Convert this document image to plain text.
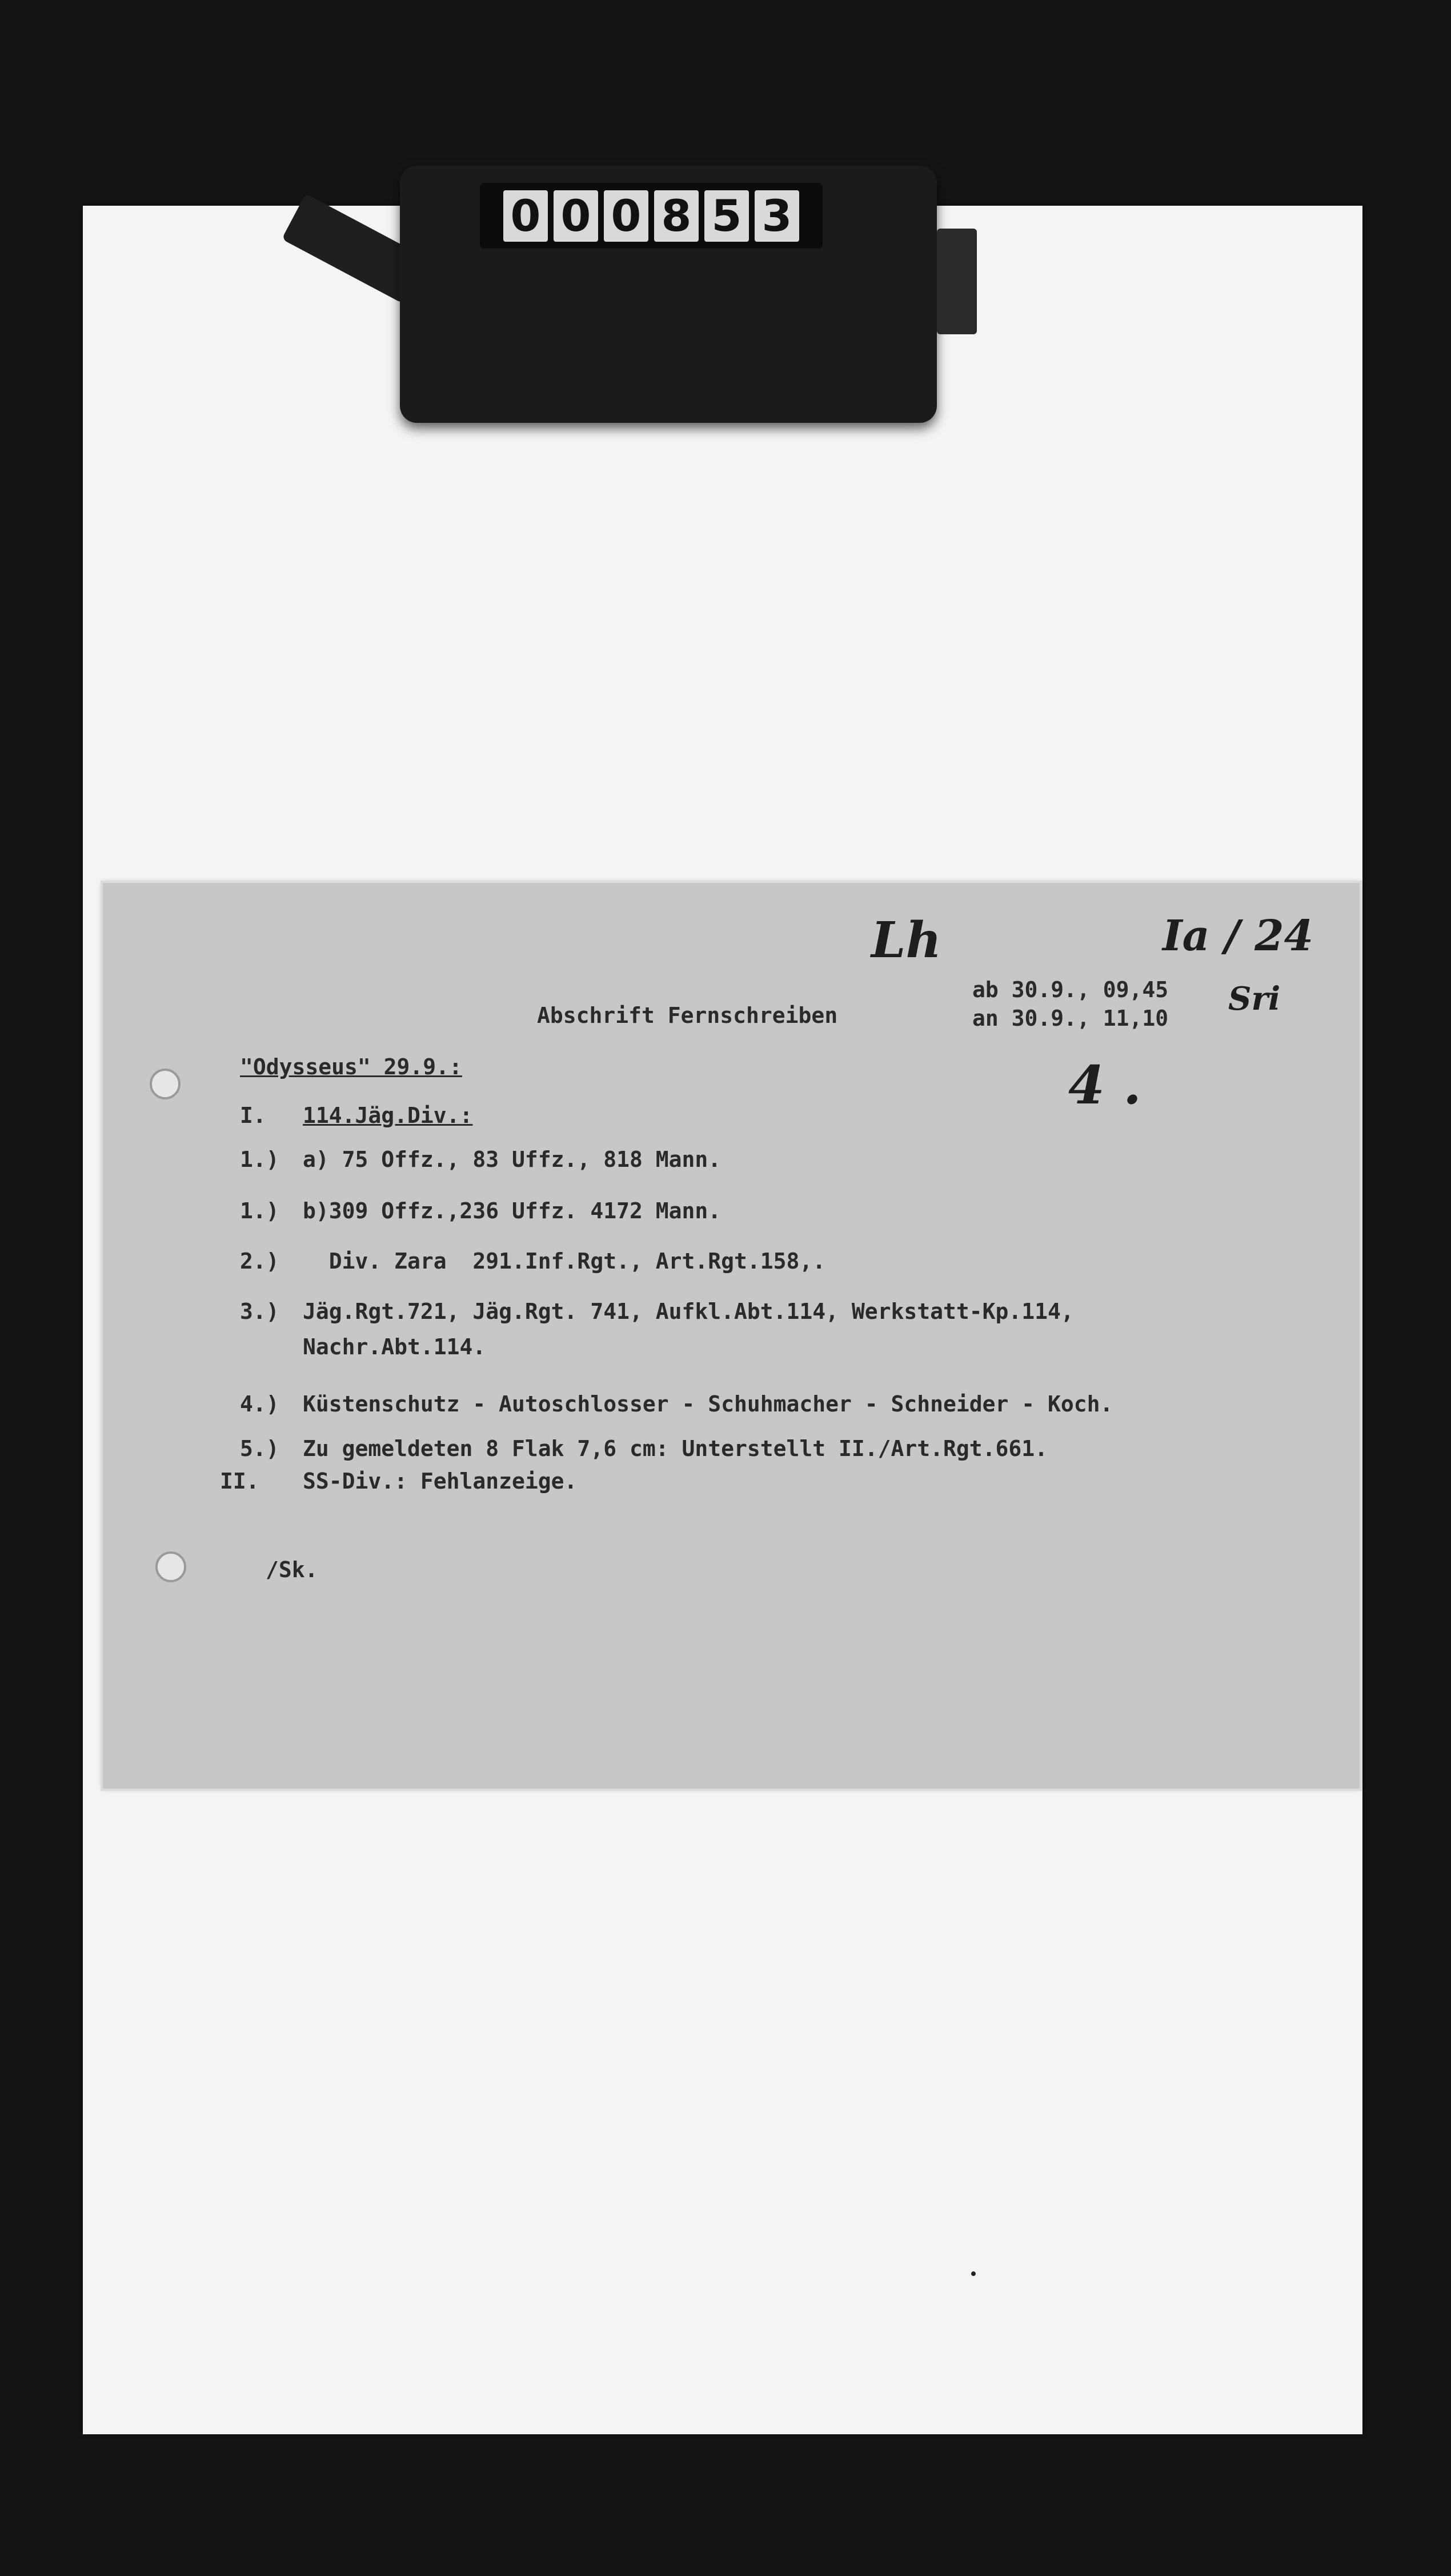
0 0 0 8 5 3
Lh	Ia / 24
Sri
4 .
Abschrift Fernschreiben
ab 30.9., 09,45
an 30.9., 11,10
"Odysseus" 29.9.:
I. 114.Jäg.Div.:
1.) a) 75 Offz., 83 Uffz., 818 Mann.
1.) b)309 Offz.,236 Uffz. 4172 Mann.
2.) Div. Zara  291.Inf.Rgt., Art.Rgt.158,.
3.) Jäg.Rgt.721, Jäg.Rgt. 741, Aufkl.Abt.114, Werkstatt-Kp.114,
Nachr.Abt.114.
4.) Küstenschutz - Autoschlosser - Schuhmacher - Schneider - Koch.
5.) Zu gemeldeten 8 Flak 7,6 cm: Unterstellt II./Art.Rgt.661.
II. SS-Div.: Fehlanzeige.
/Sk.
